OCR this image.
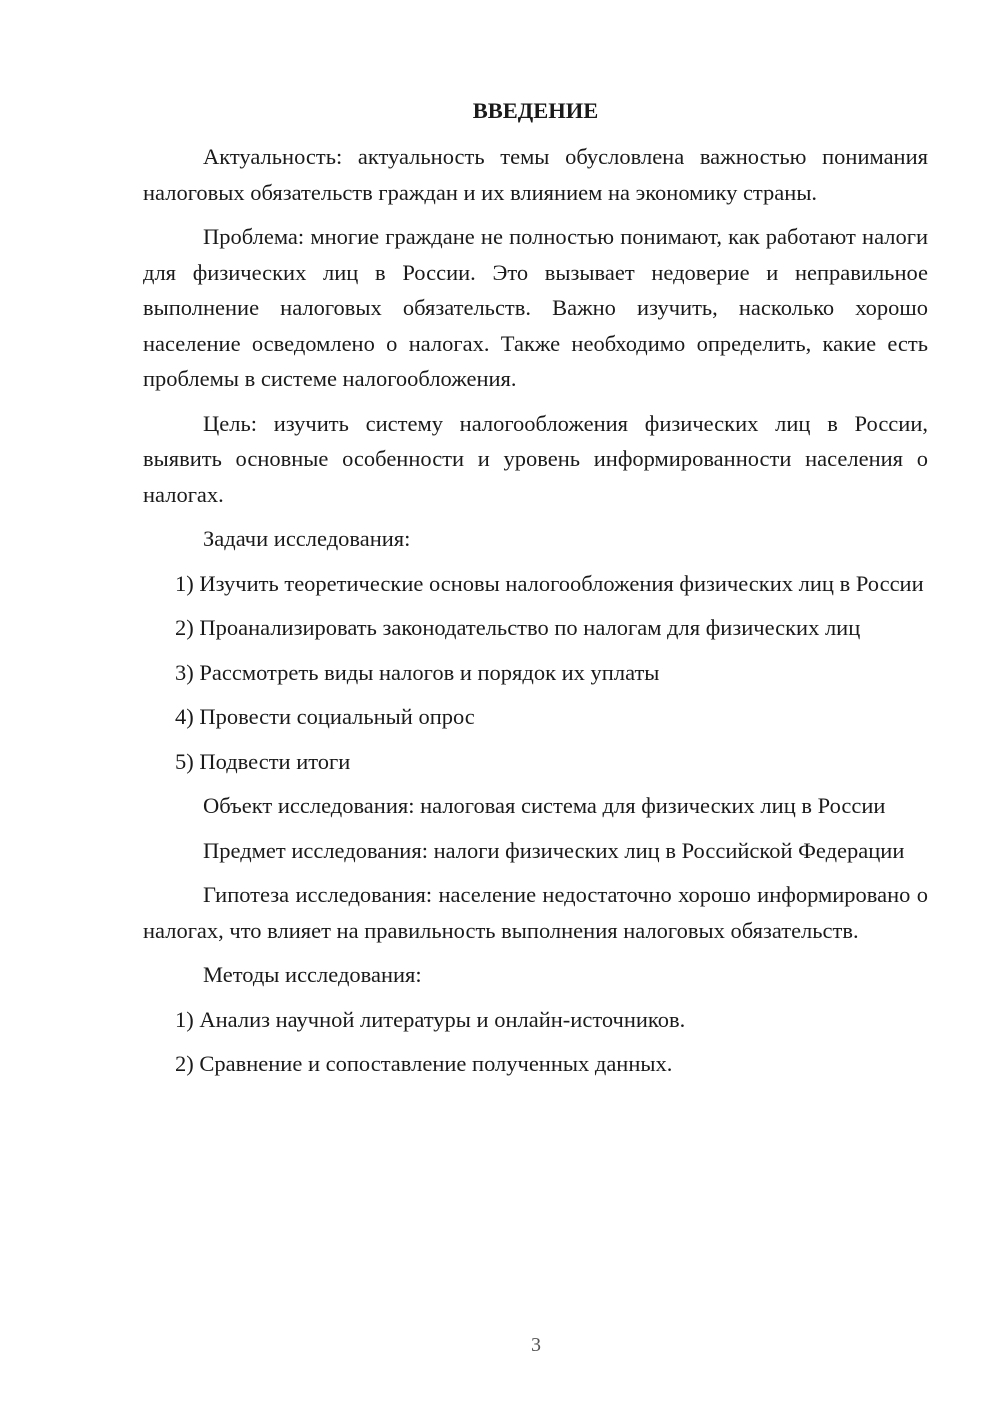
ВВЕДЕНИЕ

Актуальность: актуальность темы обусловлена важностью понимания налоговых обязательств граждан и их влиянием на экономику страны.

Проблема: многие граждане не полностью понимают, как работают налоги для физических лиц в России. Это вызывает недоверие и неправильное выполнение налоговых обязательств. Важно изучить, насколько хорошо население осведомлено о налогах. Также необходимо определить, какие есть проблемы в системе налогообложения.

Цель: изучить систему налогообложения физических лиц в России, выявить основные особенности и уровень информированности населения о налогах.

Задачи исследования:

1) Изучить теоретические основы налогообложения физических лиц в России

2) Проанализировать законодательство по налогам для физических лиц

3) Рассмотреть виды налогов и порядок их уплаты

4) Провести социальный опрос

5) Подвести итоги

Объект исследования: налоговая система для физических лиц в России

Предмет исследования: налоги физических лиц в Российской Федерации

Гипотеза исследования: население недостаточно хорошо информировано о налогах, что влияет на правильность выполнения налоговых обязательств.

Методы исследования:

1) Анализ научной литературы и онлайн-источников.

2) Сравнение и сопоставление полученных данных.

3
